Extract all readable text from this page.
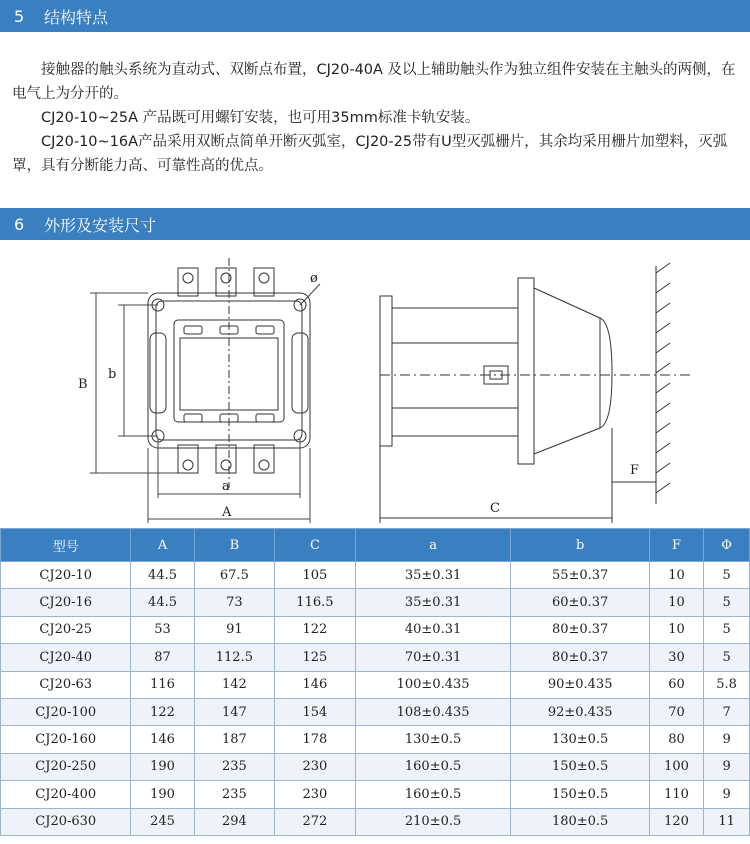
5	结构特点
　　接触器的触头系统为直动式、双断点布置，CJ20-40A 及以上辅助触头作为独立组件安装在主触头的两侧，在电气上为分开的。
　　CJ20-10~25A 产品既可用螺钉安装，也可用35mm标准卡轨安装。
　　CJ20-10~16A产品采用双断点简单开断灭弧室，CJ20-25带有U型灭弧栅片，其余均采用栅片加塑料，灭弧罩，具有分断能力高、可靠性高的优点。
6	外形及安装尺寸
B
b
a
A	C
F
ø
型号	A	B	C	a	b	F	Φ
CJ20-10	44.5	67.5	105	35±0.31	55±0.37	10	5
CJ20-16	44.5	73	116.5	35±0.31	60±0.37	10	5
CJ20-25	53	91	122	40±0.31	80±0.37	10	5
CJ20-40	87	112.5	125	70±0.31	80±0.37	30	5
CJ20-63	116	142	146	100±0.435	90±0.435	60	5.8
CJ20-100	122	147	154	108±0.435	92±0.435	70	7
CJ20-160	146	187	178	130±0.5	130±0.5	80	9
CJ20-250	190	235	230	160±0.5	150±0.5	100	9
CJ20-400	190	235	230	160±0.5	150±0.5	110	9
CJ20-630	245	294	272	210±0.5	180±0.5	120	11
